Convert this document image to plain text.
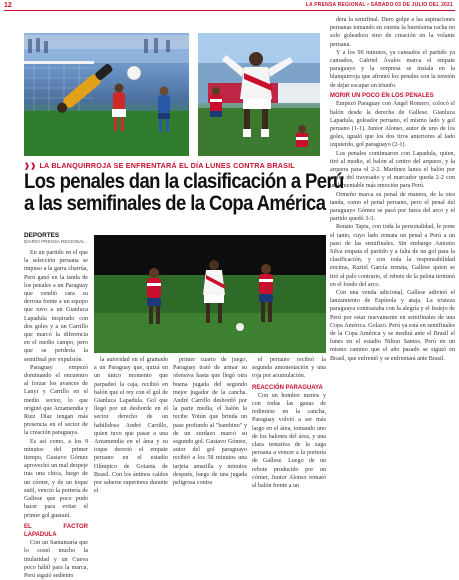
12	LA PRENSA REGIONAL • SÁBADO 03 DE JULIO DEL 2021

dera la semifinal. Duro golpe a las aspiraciones peruanas tomando en cuenta la buenísima racha no solo goleadora sino de creación en la volante peruana.

Y a los 90 minutos, ya cansados el partido ya cansados, Gabriel Ávalos marca el empate paraguayo y la sorpresa se instala en la blanquirroja que afrontó los penales con la tensión de dejar escapar un triunfo.

MORIR UN POCO EN LOS PENALES

Empezó Paraguay con Ángel Romero, colocó el balón desde la derecha de Gallese. Gianluca Lapadula, goleador peruano, el mismo lado y gol peruano (1-1). Junior Alonso, autor de uno de los goles, igualó que los dos tiros anteriores al lado izquierdo, gol paraguayo (2-1).

Los penales continuaron con Lapadula, quien, tiró al medio, el balón al centro del arquero, y la arquera para el 2-2. Martínez lanza el balón por arriba del travesaño y el marcador queda 2-2 con un lamentable más emoción para Perú.

Ormeño marca su penal de manera, de la otra tanda, como el penal peruano, pero el penal del paraguayo Gómez se pasó por fuera del arco y el partido quedó 3-3.

Renato Tapia, con toda la personalidad, le pone el tanto, cuyo lado remata un penal a Perú a un paso de las semifinales. Sin embargo Antonio Silva empata el partido y a falta de un gol para la clasificación, y con toda la responsabilidad encima, Raziel García remata, Gallese quien se tiró al palo contrario, el rebote de la pelota terminó en el fondo del arco.

Con una venda adicional, Gallese adivinó el lanzamiento de Espínola y ataja. La tristeza paraguaya contrastaba con la alegría y el festejo de Perú por estar nuevamente en semifinales de una Copa América. Golazo. Perú ya está en semifinales de la Copa América y se medirá ante el Brasil el lunes en el estadio Nilton Santos. Perú en un mismo camino que el año pasado se siguió en Brasil, que enfrentó y se enfrentará ante Brasil.

❱❱ LA BLANQUIRROJA SE ENFRENTARÁ EL DÍA LUNES CONTRA BRASIL
Los penales dan la clasificación a Perú
a las semifinales de la Copa América

DEPORTES

DIARIO PRENSA REGIONAL

En un partido en el que la selección peruana se impuso a la garra charrúa, Perú ganó en la tanda de los penales a un Paraguay que vendió cara su derrota frente a un equipo que tuvo a un Gianluca Lapadula inspirado con dos goles y a un Carrillo que marcó la diferencia en el medio campo, pero que se perdería la semifinal por expulsión.

Paraguay empezó dominando el encuentro al forzar los avances de Lanyi y Carrillo en el medio sector, lo que originó que Arzamendia y Ruiz Díaz tengan más presencia en el sector de la creación paraguaya.

Es así como, a los 9 minutos del primer tiempo, Gustavo Gómez aprovechó un mal despeje tras una chica, luego de un córner, y de un toque sutil, venció la portería de Gallese que poco pudo hacer para evitar el primer gol guaraní.

EL FACTOR LAPADULA

Con un Santamaría que lo costó mucho la titularidad y un Cueva poco hábil para la marca, Perú siguió sediento

la autoridad en el gramado a un Paraguay que, quizá en un único momento que parpadeó la caja, recibió en balón que el rey con el gol de Gianluca Lapadula. Gol que llegó por un desborde en el sector derecho de un habilidoso André Carrillo, quien tuvo que pasar a una Arzamendia en el área y su toque derrotó el empate peruano en el estadio Olímpico de Goiania de Brasil. Con los ánimos caldos por saberse superiores durante el

primer cuarto de juego, Paraguay trató de armar su ofensiva hasta que llegó otra buena jugada del segundo mejor jugador de la cancha. André Carrillo desbordó por la parte media, el balón la recibe Yotún que brinda un pase profundo al "bambino" y de un zurdazo marcó su segundo gol. Gustavo Gómez, autor del gol paraguayo recibió a los 58 minutos una tarjeta amarilla y minutos después, luego de una jugada peligrosa contra

el peruano recibió la segunda amonestación y una roja por acumulación.

REACCIÓN PARAGUAYA

Con un hombre menos y con todas las ganas de redimirse en la cancha, Paraguay volvió a ser más largo en el área, tomando uno de los balones del área, y una clara tentativa de la zaga peruana a vencer a la portería de Gallese. Luego de un rebote producido por un córner, Junior Alonso remató al balón frente a un
